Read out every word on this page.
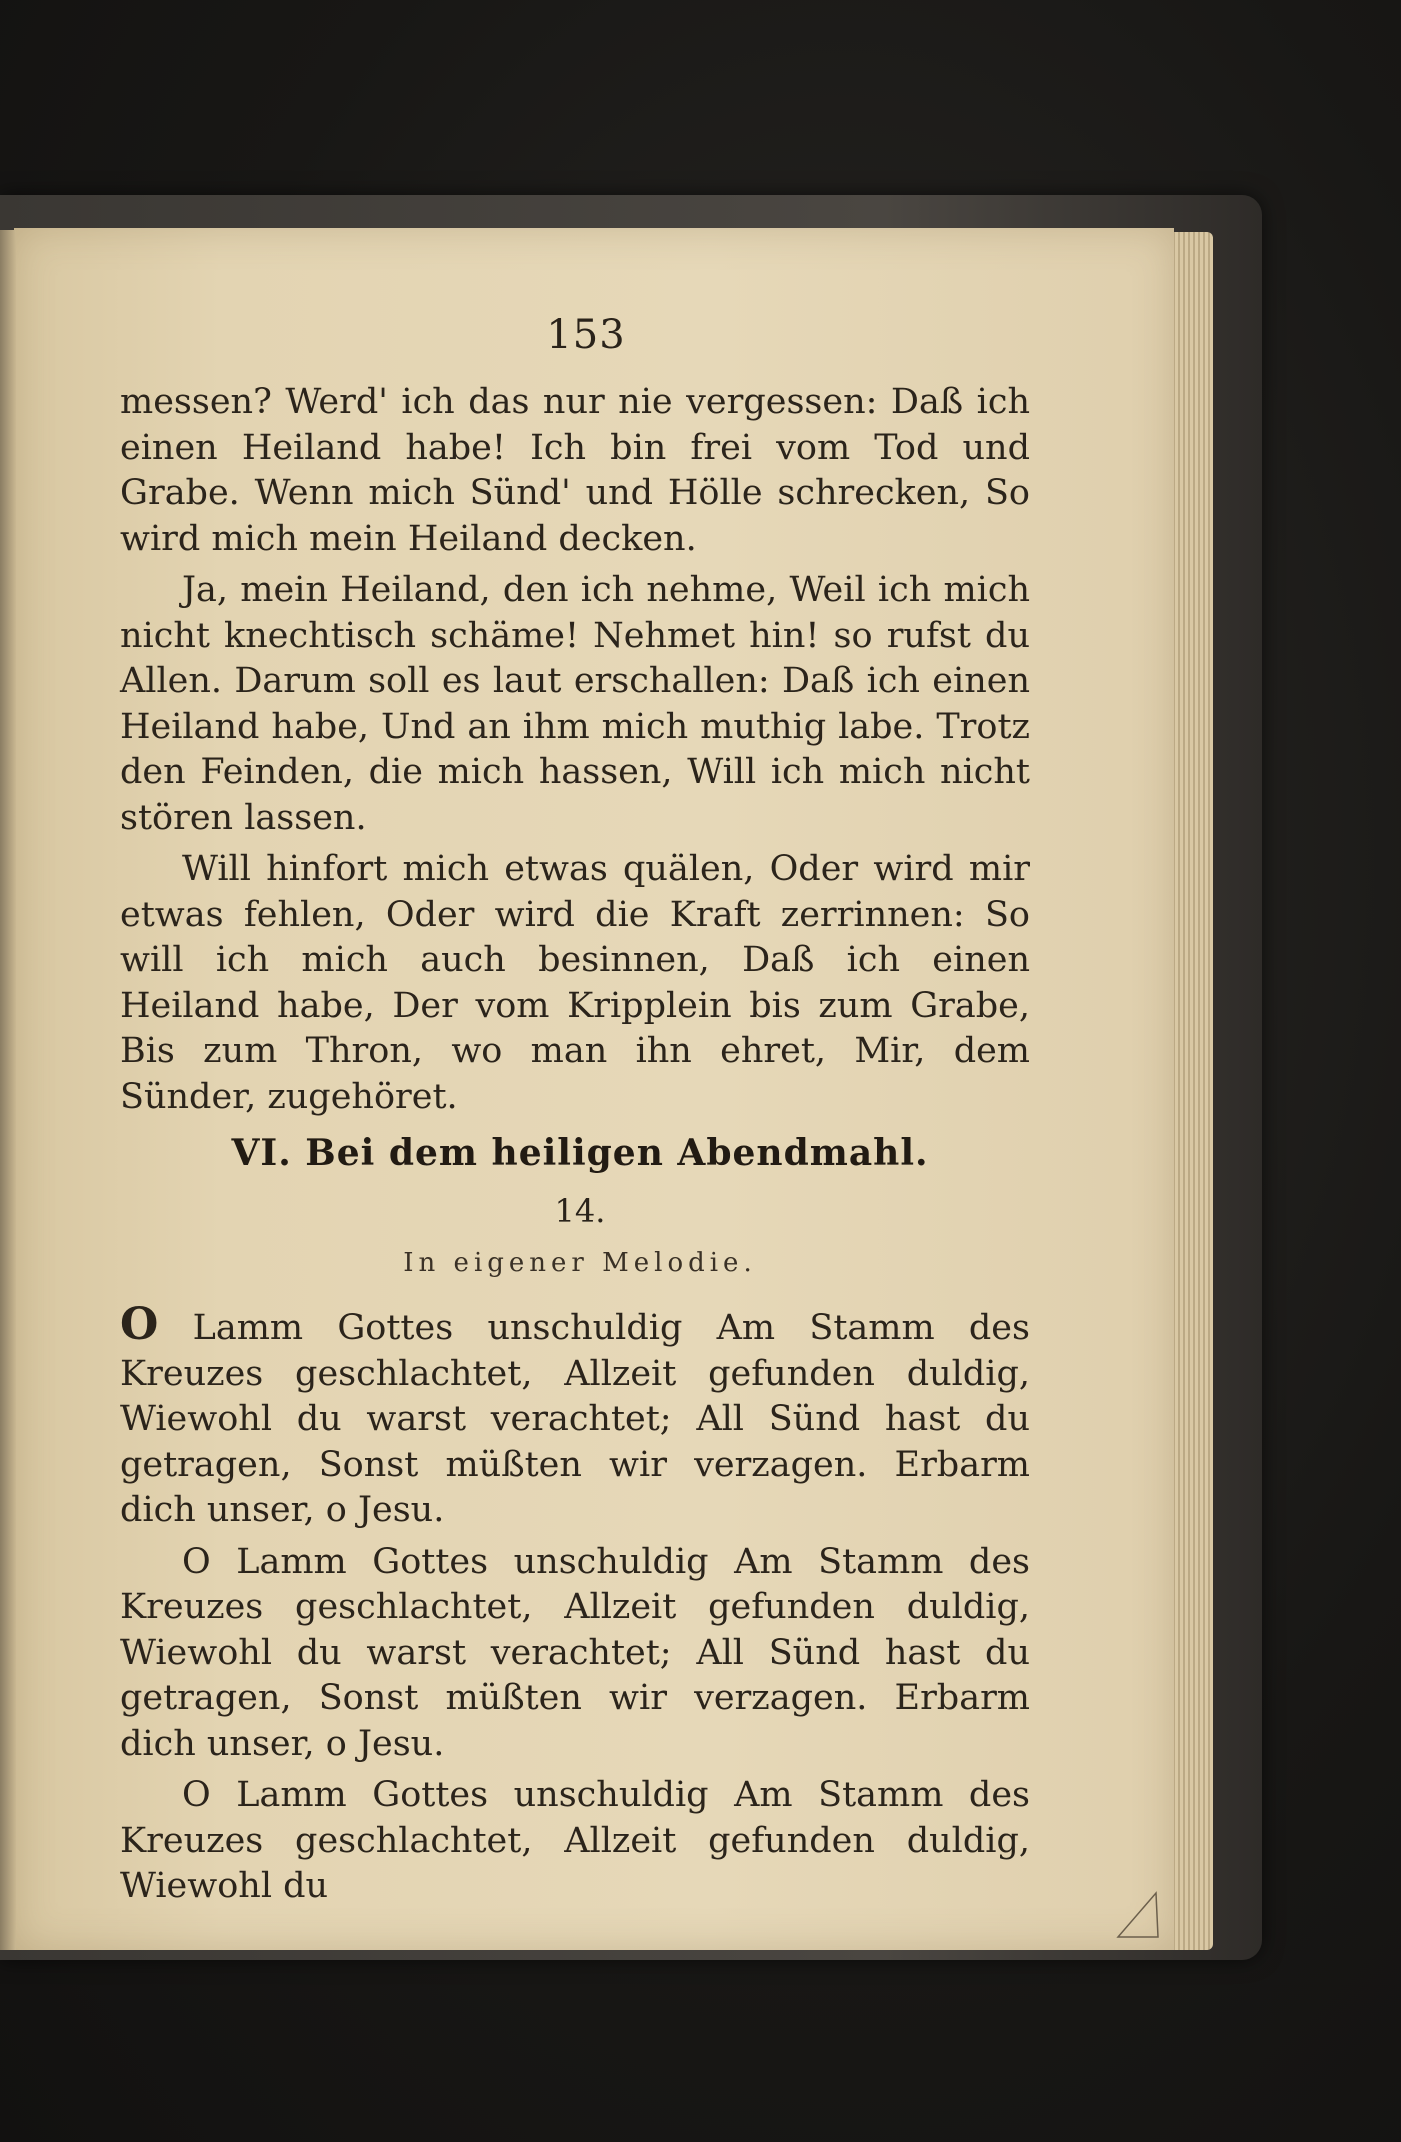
153

messen? Werd' ich das nur nie vergessen: Daß ich einen Heiland habe! Ich bin frei vom Tod und Grabe. Wenn mich Sünd' und Hölle schrecken, So wird mich mein Heiland decken.

Ja, mein Heiland, den ich nehme, Weil ich mich nicht knechtisch schäme! Nehmet hin! so rufst du Allen. Darum soll es laut erschallen: Daß ich einen Heiland habe, Und an ihm mich muthig labe. Trotz den Feinden, die mich hassen, Will ich mich nicht stören lassen.

Will hinfort mich etwas quälen, Oder wird mir etwas fehlen, Oder wird die Kraft zerrinnen: So will ich mich auch besinnen, Daß ich einen Heiland habe, Der vom Kripplein bis zum Grabe, Bis zum Thron, wo man ihn ehret, Mir, dem Sünder, zugehöret.

VI. Bei dem heiligen Abendmahl.
14.
In eigener Melodie.

O Lamm Gottes unschuldig Am Stamm des Kreuzes geschlachtet, Allzeit gefunden duldig, Wiewohl du warst verachtet; All Sünd hast du getragen, Sonst müßten wir verzagen. Erbarm dich unser, o Jesu.

O Lamm Gottes unschuldig Am Stamm des Kreuzes geschlachtet, Allzeit gefunden duldig, Wiewohl du warst verachtet; All Sünd hast du getragen, Sonst müßten wir verzagen. Erbarm dich unser, o Jesu.

O Lamm Gottes unschuldig Am Stamm des Kreuzes geschlachtet, Allzeit gefunden duldig, Wiewohl du
